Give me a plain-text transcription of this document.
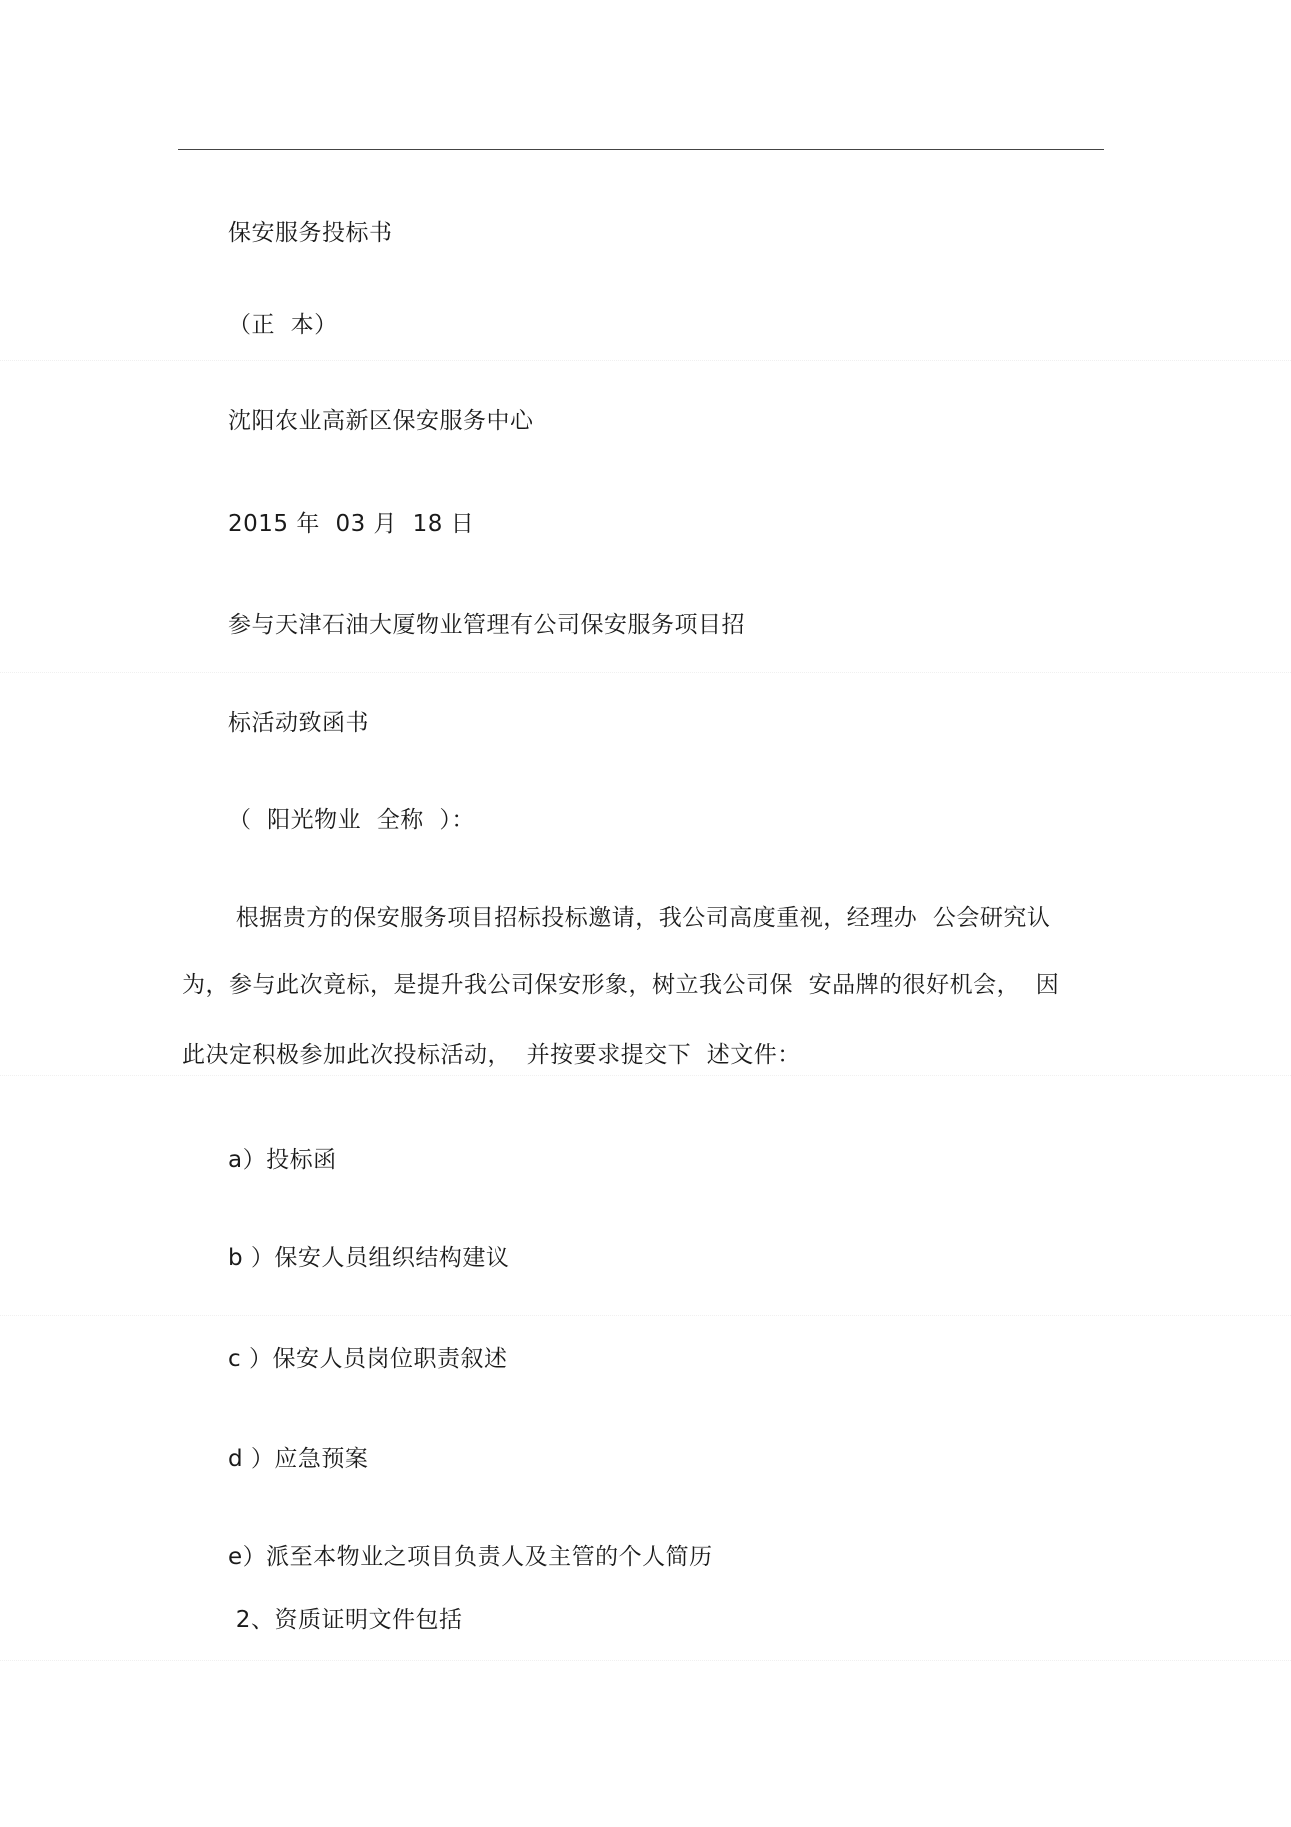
保安服务投标书
（正  本）
沈阳农业高新区保安服务中心
2015 年  03 月  18 日
参与天津石油大厦物业管理有公司保安服务项目招
标活动致函书
（  阳光物业  全称  ）：
根据贵方的保安服务项目招标投标邀请，我公司高度重视，经理办  公会研究认
为，参与此次竟标，是提升我公司保安形象，树立我公司保  安品牌的很好机会，  因
此决定积极参加此次投标活动，  并按要求提交下  述文件：
a）投标函
b ）保安人员组织结构建议
c ）保安人员岗位职责叙述
d ）应急预案
e）派至本物业之项目负责人及主管的个人简历
2、资质证明文件包括
